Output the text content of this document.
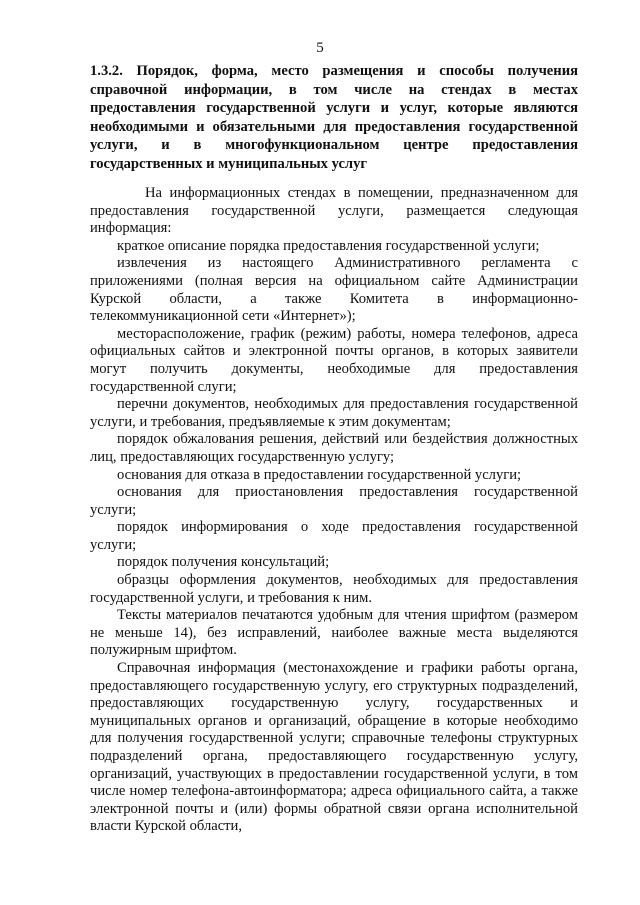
5
1.3.2. Порядок, форма, место размещения и способы получения
справочной информации, в том числе на стендах в местах
предоставления государственной услуги и услуг, которые являются
необходимыми и обязательными для предоставления государственной
услуги, и в многофункциональном центре предоставления
государственных и муниципальных услуг

На информационных стендах в помещении, предназначенном для предоставления государственной услуги, размещается следующая информация:

краткое описание порядка предоставления государственной услуги;

извлечения из настоящего Административного регламента с приложениями (полная версия на официальном сайте Администрации Курской области, а также Комитета в информационно-телекоммуникационной сети «Интернет»);

месторасположение, график (режим) работы, номера телефонов, адреса официальных сайтов и электронной почты органов, в которых заявители могут получить документы, необходимые для предоставления государственной слуги;

перечни документов, необходимых для предоставления государственной услуги, и требования, предъявляемые к этим документам;

порядок обжалования решения, действий или бездействия должностных лиц, предоставляющих государственную услугу;

основания для отказа в предоставлении государственной услуги;

основания для приостановления предоставления государственной услуги;

порядок информирования о ходе предоставления государственной услуги;

порядок получения консультаций;

образцы оформления документов, необходимых для предоставления государственной услуги, и требования к ним.

Тексты материалов печатаются удобным для чтения шрифтом (размером не меньше 14), без исправлений, наиболее важные места выделяются полужирным шрифтом.

Справочная информация (местонахождение и графики работы органа, предоставляющего государственную услугу, его структурных подразделений, предоставляющих государственную услугу, государственных и муниципальных органов и организаций, обращение в которые необходимо для получения государственной услуги; справочные телефоны структурных подразделений органа, предоставляющего государственную услугу, организаций, участвующих в предоставлении государственной услуги, в том числе номер телефона-автоинформатора; адреса официального сайта, а также электронной почты и (или) формы обратной связи органа исполнительной власти Курской области,
